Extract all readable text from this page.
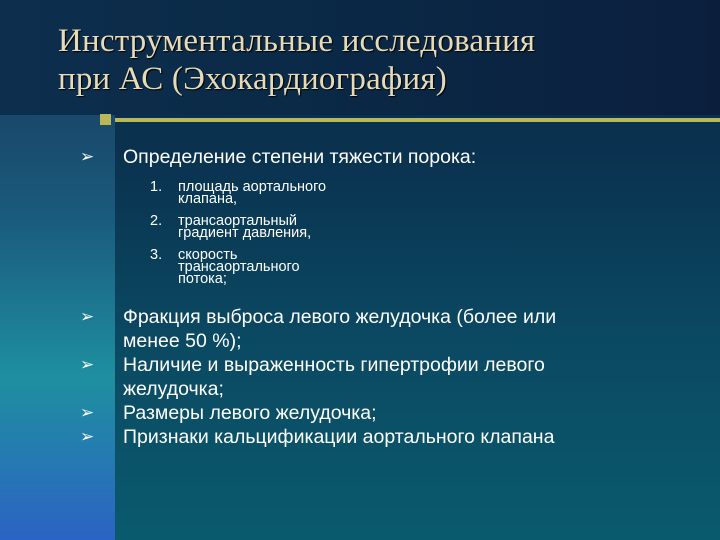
Инструментальные исследования
при АС (Эхокардиография)
➢ Определение степени тяжести порока:
1. площадь аортального
клапана,
2. трансаортальный
градиент давления,
3. скорость
трансаортального
потока;
➢ Фракция выброса левого желудочка (более или
менее 50 %);
➢ Наличие и выраженность гипертрофии левого
желудочка;
➢ Размеры левого желудочка;
➢ Признаки кальцификации аортального клапана
